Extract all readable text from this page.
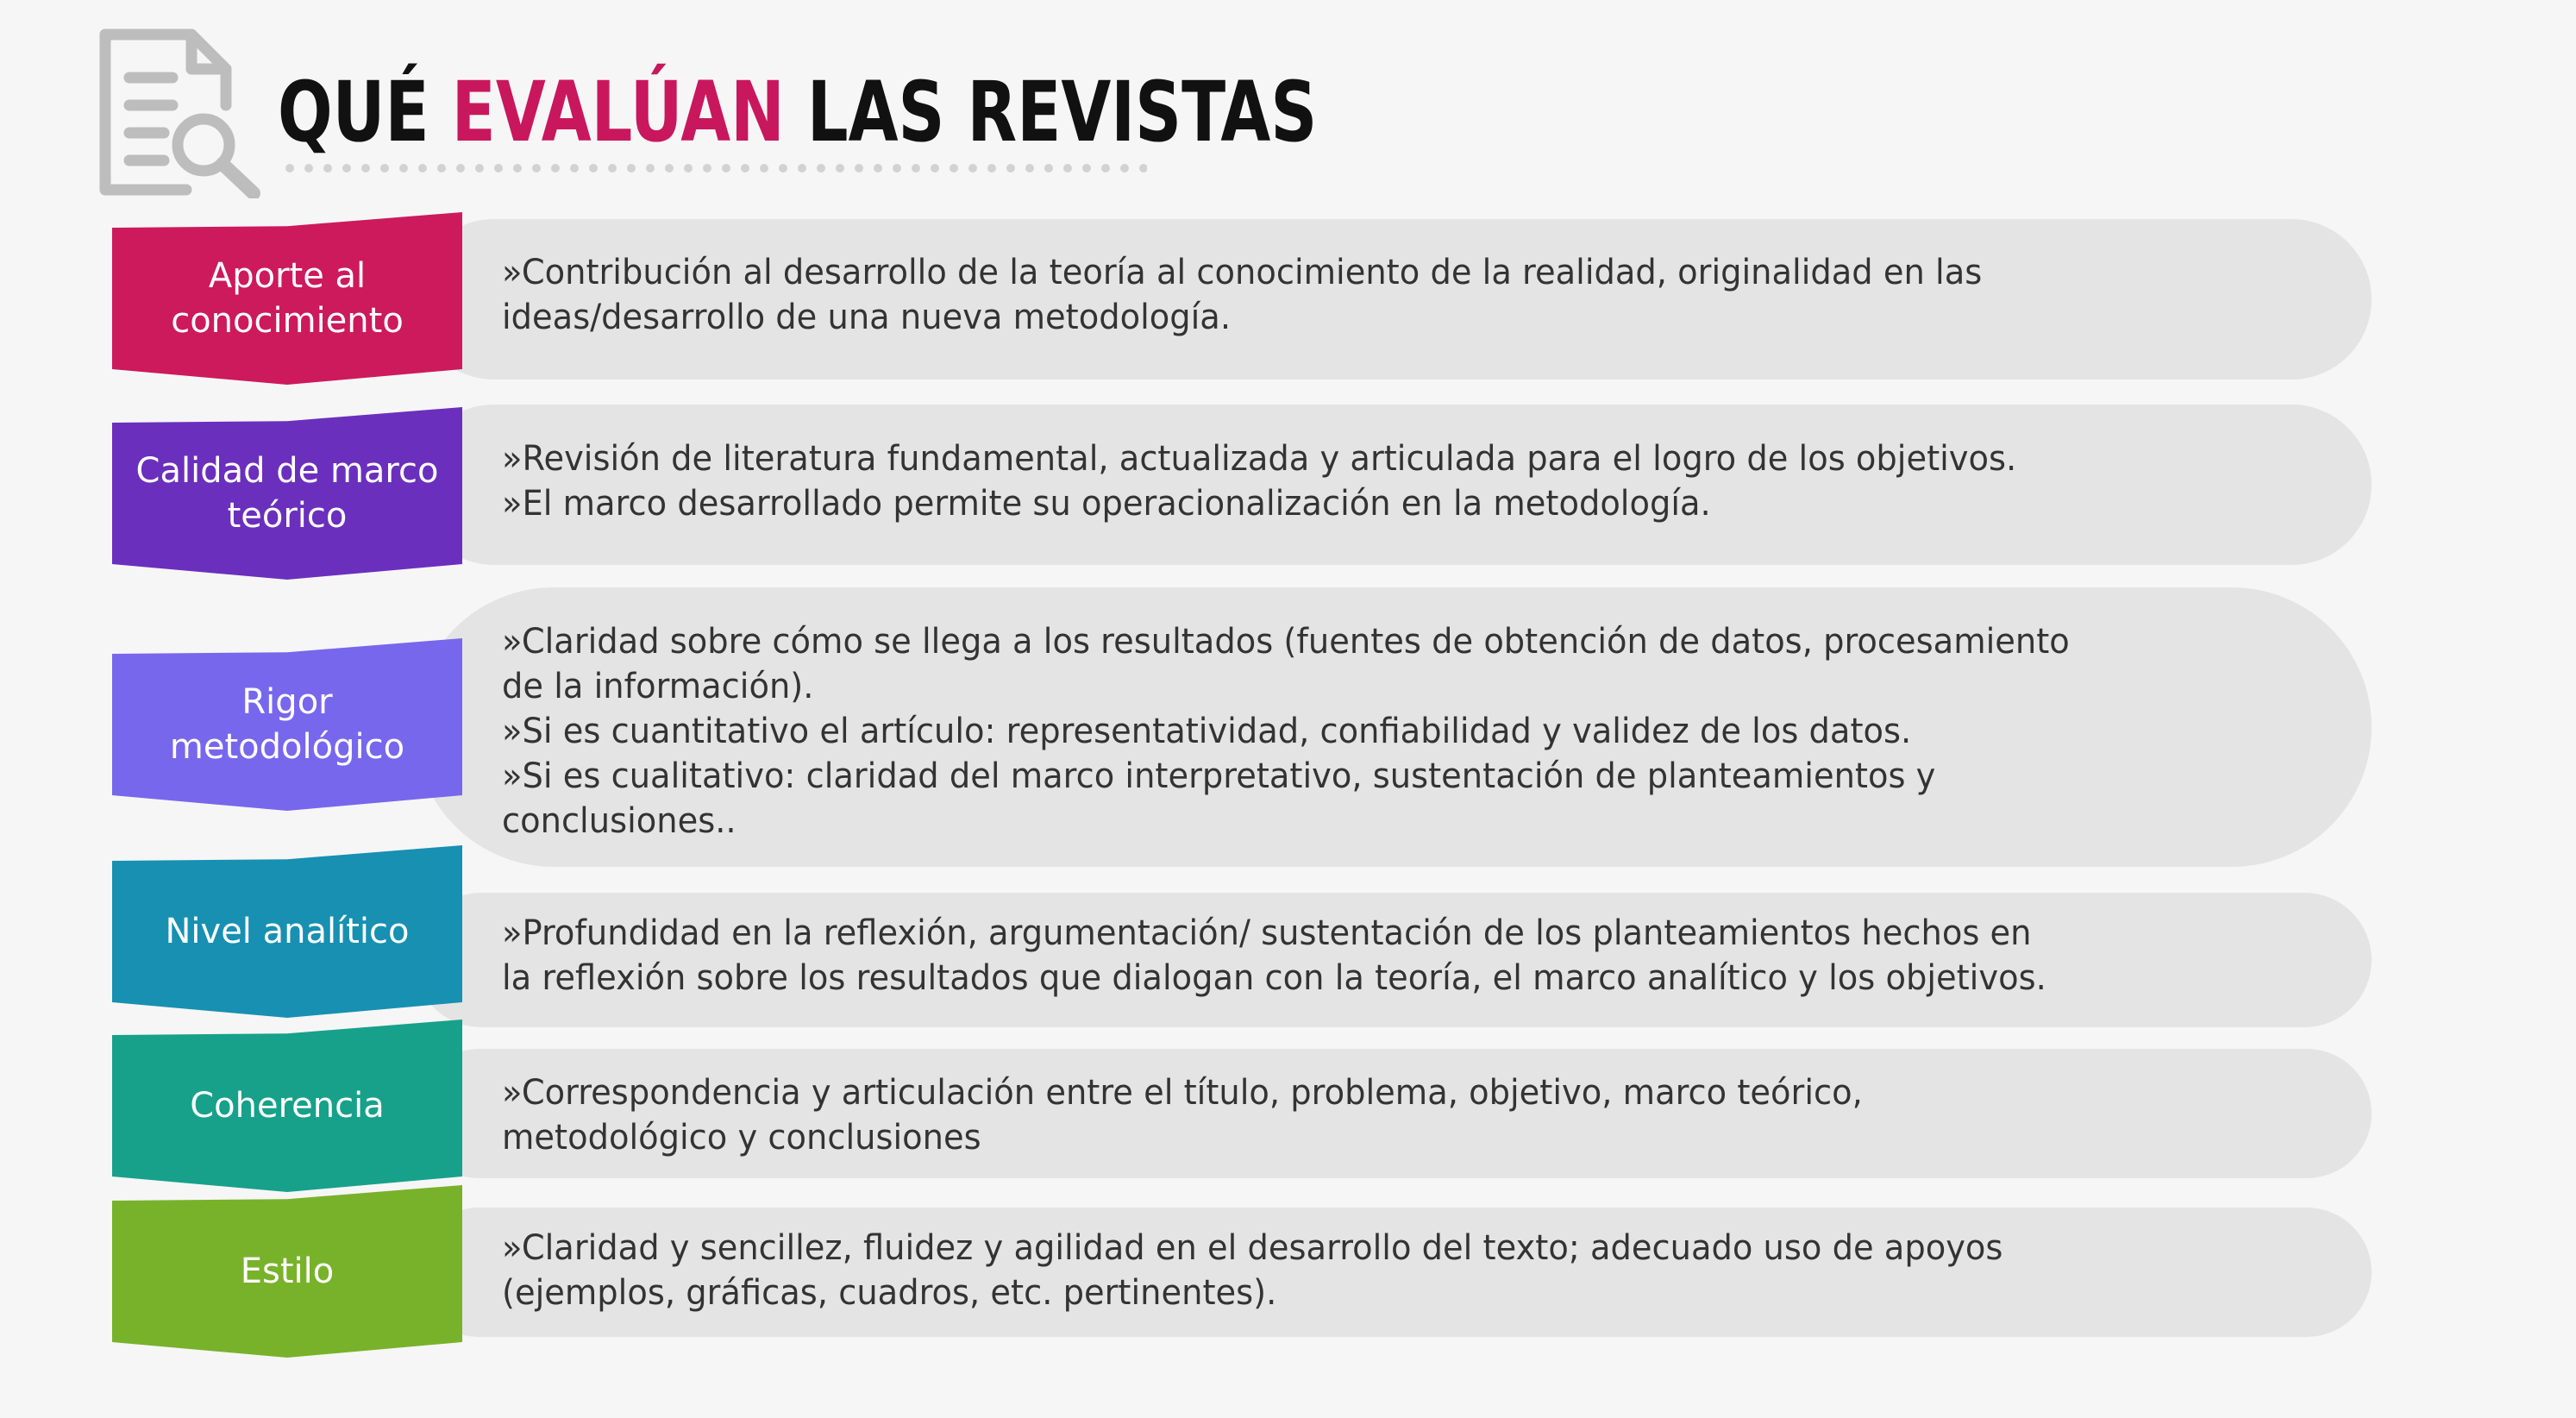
QUÉ EVALÚAN LAS REVISTAS
»Contribución al desarrollo de la teoría al conocimiento de la realidad, originalidad en las
ideas/desarrollo de una nueva metodología.
Aporte al conocimiento
»Revisión de literatura fundamental, actualizada y articulada para el logro de los objetivos.
»El marco desarrollado permite su operacionalización en la metodología.
Calidad de marco teórico
»Claridad sobre cómo se llega a los resultados (fuentes de obtención de datos, procesamiento
de la información).
»Si es cuantitativo el artículo: representatividad, confiabilidad y validez de los datos.
»Si es cualitativo: claridad del marco interpretativo, sustentación de planteamientos y
conclusiones..
Rigor metodológico
»Profundidad en la reflexión, argumentación/ sustentación de los planteamientos hechos en
la reflexión sobre los resultados que dialogan con la teoría, el marco analítico y los objetivos.
Nivel analítico
»Correspondencia y articulación entre el título, problema, objetivo, marco teórico,
metodológico y conclusiones
Coherencia
»Claridad y sencillez, fluidez y agilidad en el desarrollo del texto; adecuado uso de apoyos
(ejemplos, gráficas, cuadros, etc. pertinentes).
Estilo
